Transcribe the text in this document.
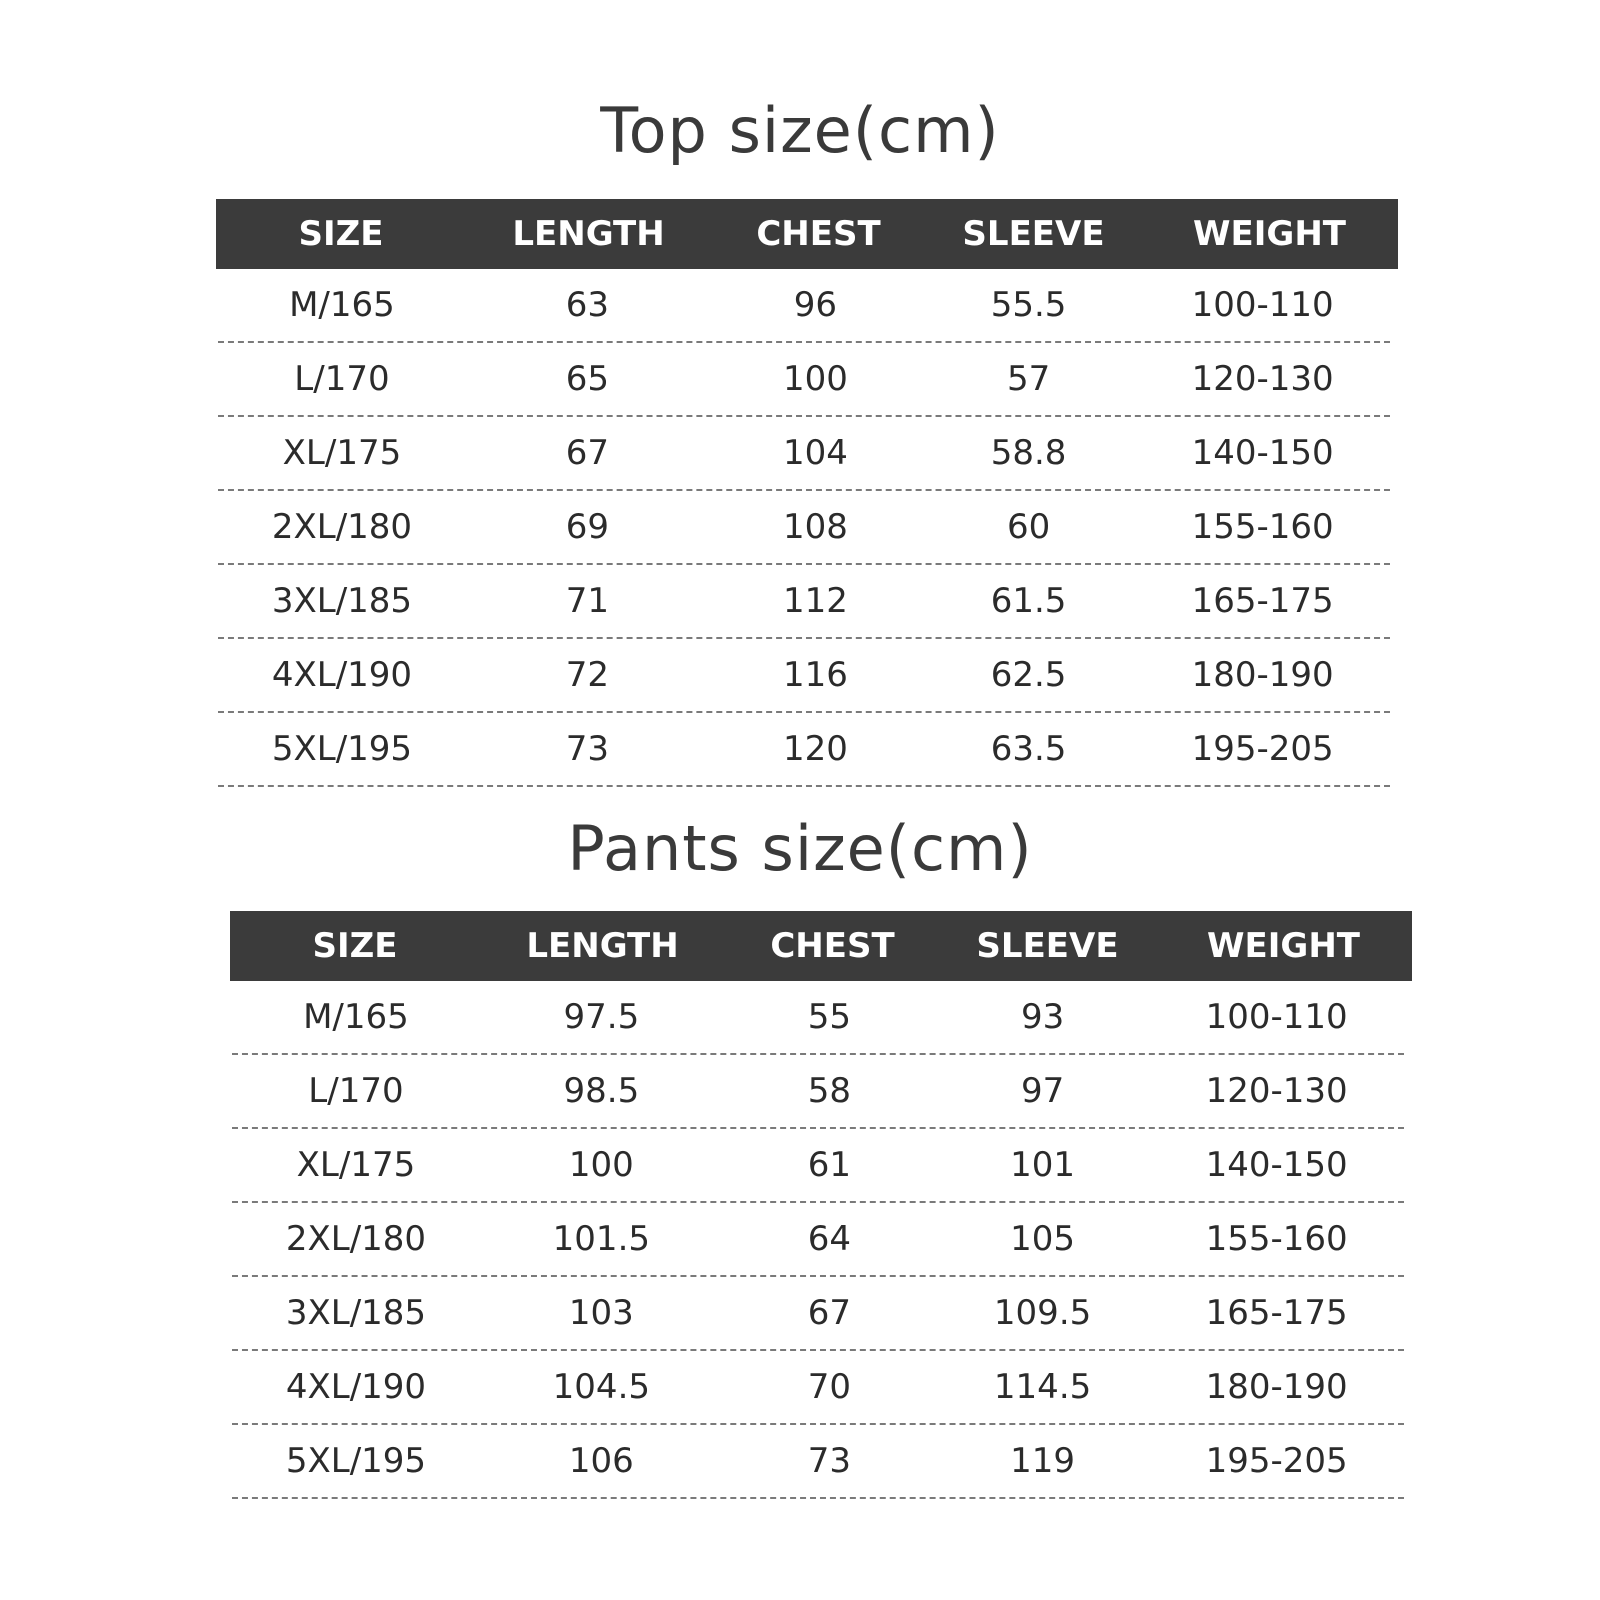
Top size(cm)
SIZE	LENGTH	CHEST	SLEEVE	WEIGHT
M/165	63	96	55.5	100-110
L/170	65	100	57	120-130
XL/175	67	104	58.8	140-150
2XL/180	69	108	60	155-160
3XL/185	71	112	61.5	165-175
4XL/190	72	116	62.5	180-190
5XL/195	73	120	63.5	195-205
Pants size(cm)
SIZE	LENGTH	CHEST	SLEEVE	WEIGHT
M/165	97.5	55	93	100-110
L/170	98.5	58	97	120-130
XL/175	100	61	101	140-150
2XL/180	101.5	64	105	155-160
3XL/185	103	67	109.5	165-175
4XL/190	104.5	70	114.5	180-190
5XL/195	106	73	119	195-205
